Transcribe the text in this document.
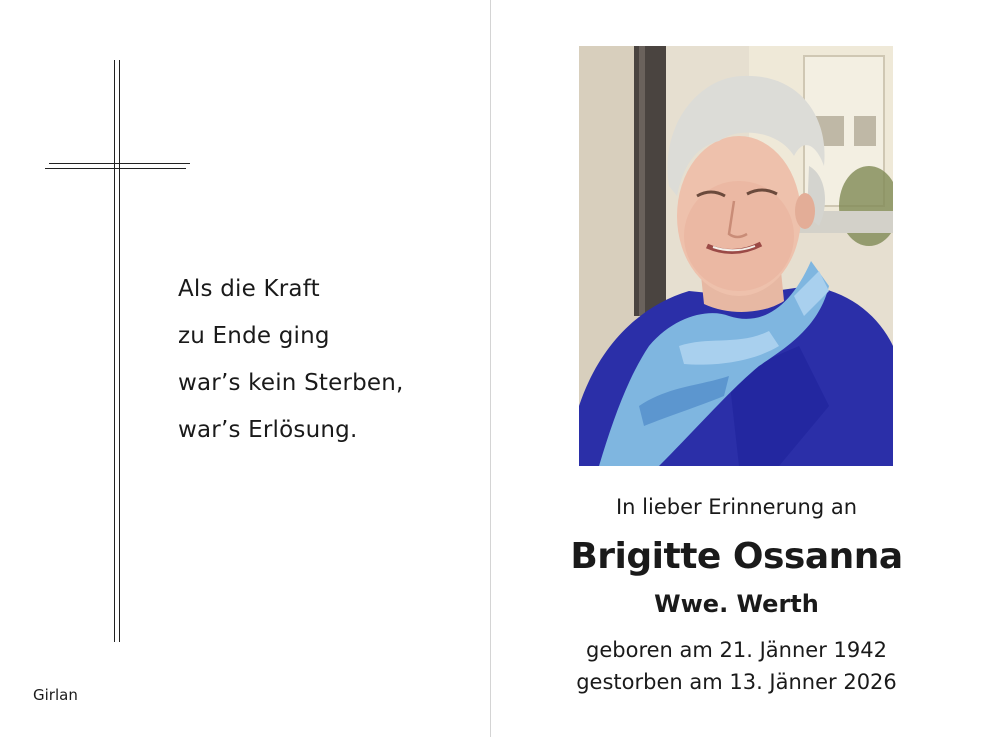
Als die Kraft
zu Ende ging
war’s kein Sterben,
war’s Erlösung.
Girlan
In lieber Erinnerung an
Brigitte Ossanna
Wwe. Werth
geboren am 21. Jänner 1942
gestorben am 13. Jänner 2026
